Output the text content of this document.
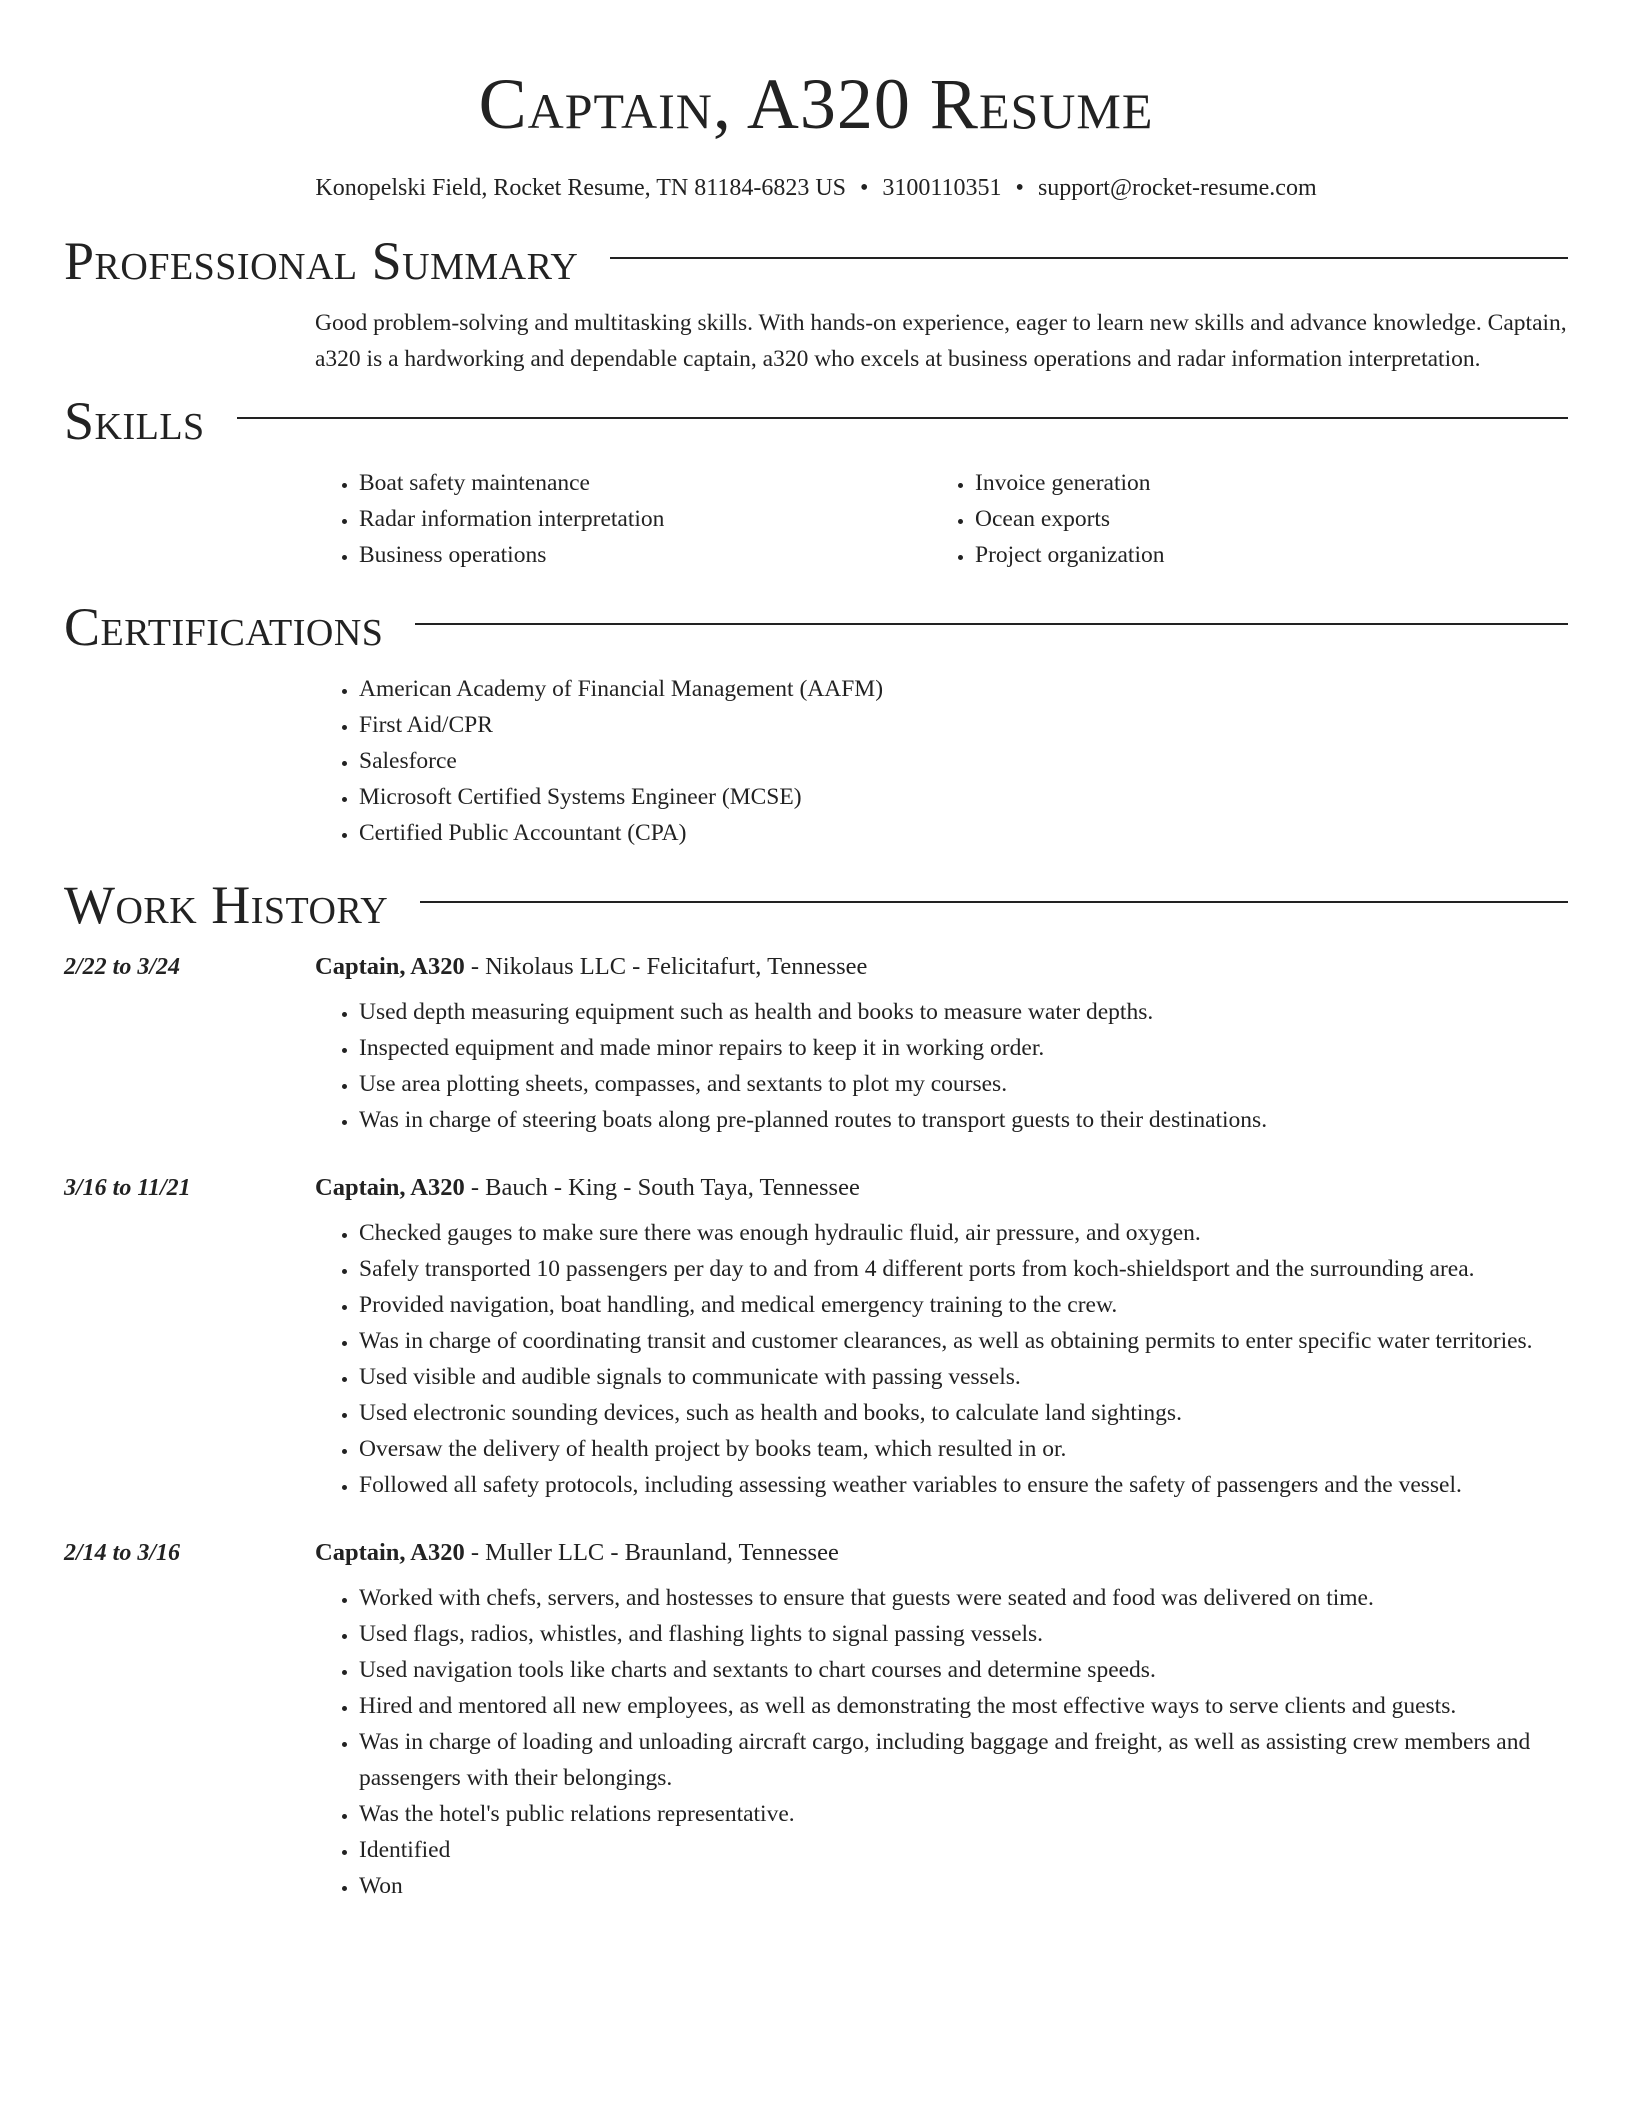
Captain, A320 Resume
Konopelski Field, Rocket Resume, TN 81184-6823 US • 3100110351 • support@rocket-resume.com
Professional Summary
Good problem-solving and multitasking skills. With hands-on experience, eager to learn new skills and advance knowledge. Captain, a320 is a hardworking and dependable captain, a320 who excels at business operations and radar information interpretation.
Skills
• Boat safety maintenance
• Radar information interpretation
• Business operations
• Invoice generation
• Ocean exports
• Project organization
Certifications
• American Academy of Financial Management (AAFM)
• First Aid/CPR
• Salesforce
• Microsoft Certified Systems Engineer (MCSE)
• Certified Public Accountant (CPA)
Work History
2/22 to 3/24	Captain, A320 - Nikolaus LLC - Felicitafurt, Tennessee
• Used depth measuring equipment such as health and books to measure water depths.
• Inspected equipment and made minor repairs to keep it in working order.
• Use area plotting sheets, compasses, and sextants to plot my courses.
• Was in charge of steering boats along pre-planned routes to transport guests to their destinations.
3/16 to 11/21	Captain, A320 - Bauch - King - South Taya, Tennessee
• Checked gauges to make sure there was enough hydraulic fluid, air pressure, and oxygen.
• Safely transported 10 passengers per day to and from 4 different ports from koch-shieldsport and the surrounding area.
• Provided navigation, boat handling, and medical emergency training to the crew.
• Was in charge of coordinating transit and customer clearances, as well as obtaining permits to enter specific water territories.
• Used visible and audible signals to communicate with passing vessels.
• Used electronic sounding devices, such as health and books, to calculate land sightings.
• Oversaw the delivery of health project by books team, which resulted in or.
• Followed all safety protocols, including assessing weather variables to ensure the safety of passengers and the vessel.
2/14 to 3/16	Captain, A320 - Muller LLC - Braunland, Tennessee
• Worked with chefs, servers, and hostesses to ensure that guests were seated and food was delivered on time.
• Used flags, radios, whistles, and flashing lights to signal passing vessels.
• Used navigation tools like charts and sextants to chart courses and determine speeds.
• Hired and mentored all new employees, as well as demonstrating the most effective ways to serve clients and guests.
• Was in charge of loading and unloading aircraft cargo, including baggage and freight, as well as assisting crew members and passengers with their belongings.
• Was the hotel's public relations representative.
• Identified
• Won
